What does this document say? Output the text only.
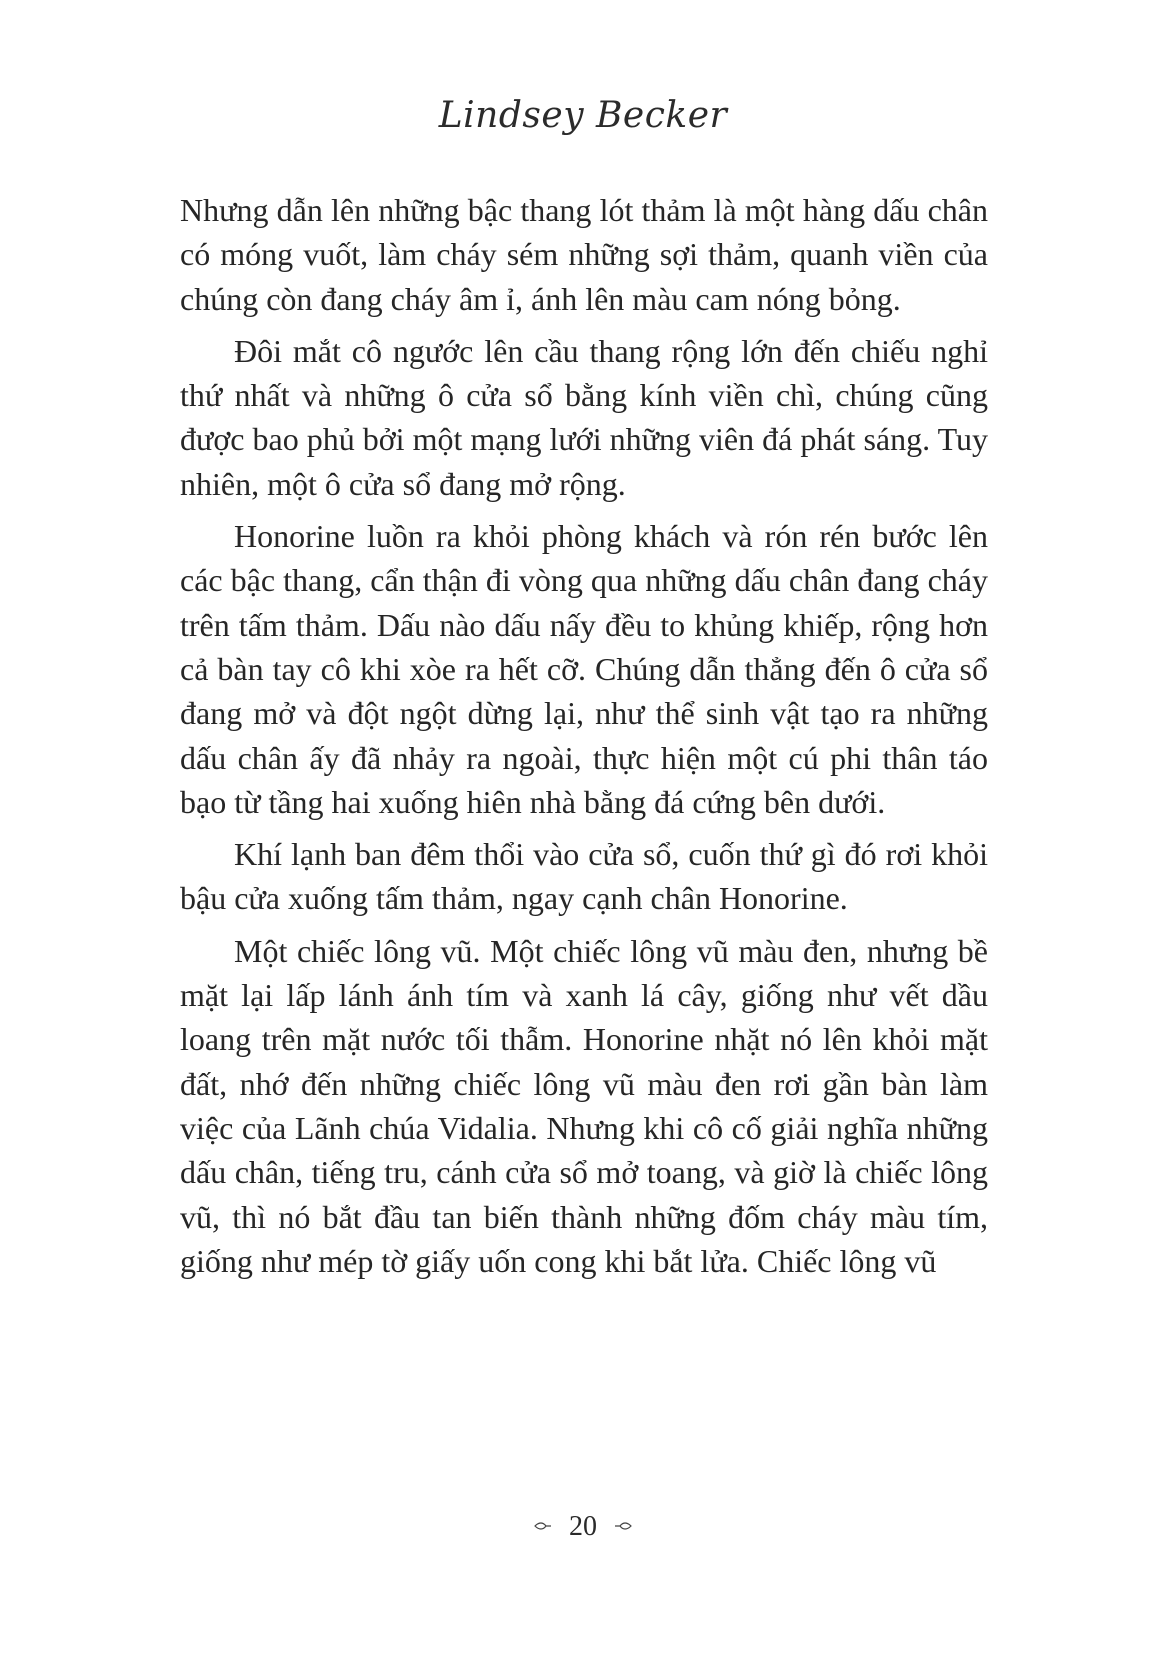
Lindsey Becker

Nhưng dẫn lên những bậc thang lót thảm là một hàng dấu chân có móng vuốt, làm cháy sém những sợi thảm, quanh viền của chúng còn đang cháy âm ỉ, ánh lên màu cam nóng bỏng.

Đôi mắt cô ngước lên cầu thang rộng lớn đến chiếu nghỉ thứ nhất và những ô cửa sổ bằng kính viền chì, chúng cũng được bao phủ bởi một mạng lưới những viên đá phát sáng. Tuy nhiên, một ô cửa sổ đang mở rộng.

Honorine luồn ra khỏi phòng khách và rón rén bước lên các bậc thang, cẩn thận đi vòng qua những dấu chân đang cháy trên tấm thảm. Dấu nào dấu nấy đều to khủng khiếp, rộng hơn cả bàn tay cô khi xòe ra hết cỡ. Chúng dẫn thẳng đến ô cửa sổ đang mở và đột ngột dừng lại, như thể sinh vật tạo ra những dấu chân ấy đã nhảy ra ngoài, thực hiện một cú phi thân táo bạo từ tầng hai xuống hiên nhà bằng đá cứng bên dưới.

Khí lạnh ban đêm thổi vào cửa sổ, cuốn thứ gì đó rơi khỏi bậu cửa xuống tấm thảm, ngay cạnh chân Honorine.

Một chiếc lông vũ. Một chiếc lông vũ màu đen, nhưng bề mặt lại lấp lánh ánh tím và xanh lá cây, giống như vết dầu loang trên mặt nước tối thẫm. Honorine nhặt nó lên khỏi mặt đất, nhớ đến những chiếc lông vũ màu đen rơi gần bàn làm việc của Lãnh chúa Vidalia. Nhưng khi cô cố giải nghĩa những dấu chân, tiếng tru, cánh cửa sổ mở toang, và giờ là chiếc lông vũ, thì nó bắt đầu tan biến thành những đốm cháy màu tím, giống như mép tờ giấy uốn cong khi bắt lửa. Chiếc lông vũ

20
